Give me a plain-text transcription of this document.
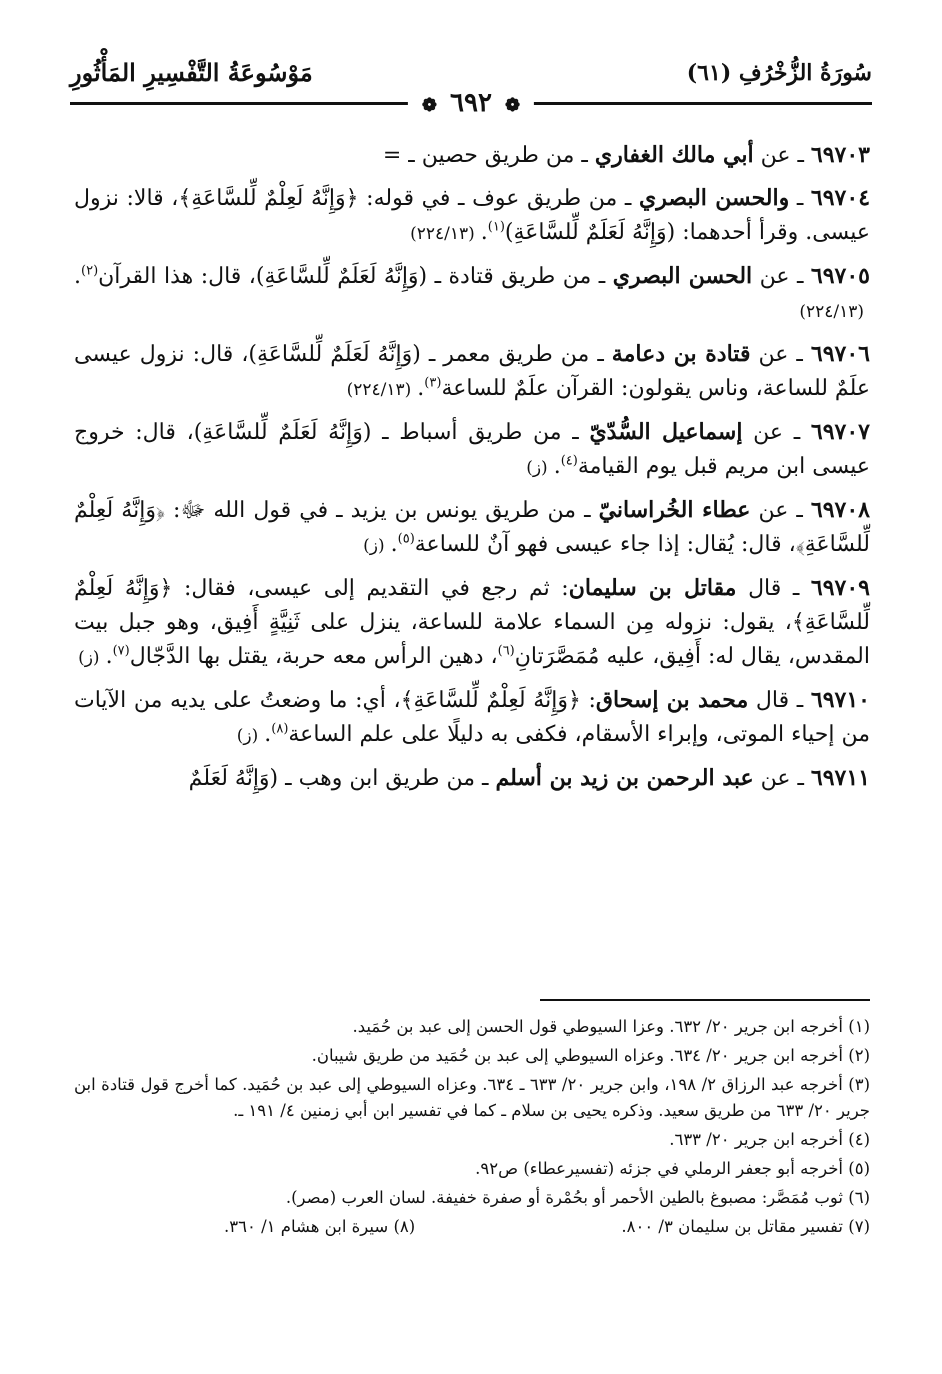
سُورَةُ الزُّخْرُفِ (٦١)
مَوْسُوعَةُ التَّفْسِيرِ المَأْثُورِ
❁ ٦٩٢ ❁
٦٩٧٠٣ ـ عن أبي مالك الغفاري ـ من طريق حصين ـ =
٦٩٧٠٤ ـ والحسن البصري ـ من طريق عوف ـ في قوله: ﴿وَإِنَّهُ لَعِلْمٌ لِّلسَّاعَةِ﴾، قالا: نزول عيسى. وقرأ أحدهما: (وَإِنَّهُ لَعَلَمٌ لِّلسَّاعَةِ)$^{(١)}$.(٢٢٤/١٣)
٦٩٧٠٥ ـ عن الحسن البصري ـ من طريق قتادة ـ (وَإِنَّهُ لَعَلَمٌ لِّلسَّاعَةِ)، قال: هذا القرآن$^{(٢)}$.(٢٢٤/١٣)
٦٩٧٠٦ ـ عن قتادة بن دعامة ـ من طريق معمر ـ (وَإِنَّهُ لَعَلَمٌ لِّلسَّاعَةِ)، قال: نزول عيسى علَمٌ للساعة، وناس يقولون: القرآن علَمٌ للساعة$^{(٣)}$.(٢٢٤/١٣)
٦٩٧٠٧ ـ عن إسماعيل السُّدّيّ ـ من طريق أسباط ـ (وَإِنَّهُ لَعَلَمٌ لِّلسَّاعَةِ)، قال: خروج عيسى ابن مريم قبل يوم القيامة$^{(٤)}$.(ز)
٦٩٧٠٨ ـ عن عطاء الخُراسانيّ ـ من طريق يونس بن يزيد ـ في قول الله ﷻ: ﴿وَإِنَّهُ لَعِلْمٌ لِّلسَّاعَةِ﴾، قال: يُقال: إذا جاء عيسى فهو آنٌ للساعة$^{(٥)}$.(ز)
٦٩٧٠٩ ـ قال مقاتل بن سليمان: ثم رجع في التقديم إلى عيسى، فقال: ﴿وَإِنَّهُ لَعِلْمٌ لِّلسَّاعَةِ﴾، يقول: نزوله مِن السماء علامة للساعة، ينزل على ثَنِيَّةٍ أَفِيق، وهو جبل بيت المقدس، يقال له: أَفِيق، عليه مُمَصَّرَتانِ$^{(٦)}$، دهين الرأس معه حربة، يقتل بها الدَّجّال$^{(٧)}$.(ز)
٦٩٧١٠ ـ قال محمد بن إسحاق: ﴿وَإِنَّهُ لَعِلْمٌ لِّلسَّاعَةِ﴾، أي: ما وضعتُ على يديه من الآيات من إحياء الموتى، وإبراء الأسقام، فكفى به دليلًا على علم الساعة$^{(٨)}$.(ز)
٦٩٧١١ ـ عن عبد الرحمن بن زيد بن أسلم ـ من طريق ابن وهب ـ (وَإِنَّهُ لَعَلَمٌ
(١) أخرجه ابن جرير ٢٠/ ٦٣٢. وعزا السيوطي قول الحسن إلى عبد بن حُمَيد.
(٢) أخرجه ابن جرير ٢٠/ ٦٣٤. وعزاه السيوطي إلى عبد بن حُمَيد من طريق شيبان.
(٣) أخرجه عبد الرزاق ٢/ ١٩٨، وابن جرير ٢٠/ ٦٣٣ ـ ٦٣٤. وعزاه السيوطي إلى عبد بن حُمَيد. كما أخرج قول قتادة ابن جرير ٢٠/ ٦٣٣ من طريق سعيد. وذكره يحيى بن سلام ـ كما في تفسير ابن أبي زمنين ٤/ ١٩١ ـ.
(٤) أخرجه ابن جرير ٢٠/ ٦٣٣.
(٥) أخرجه أبو جعفر الرملي في جزئه (تفسيرعطاء) ص٩٢.
(٦) ثوب مُمَصَّر: مصبوغ بالطين الأحمر أو بحُمْرة أو صفرة خفيفة. لسان العرب (مصر).
(٧) تفسير مقاتل بن سليمان ٣/ ٨٠٠.
(٨) سيرة ابن هشام ١/ ٣٦٠.
